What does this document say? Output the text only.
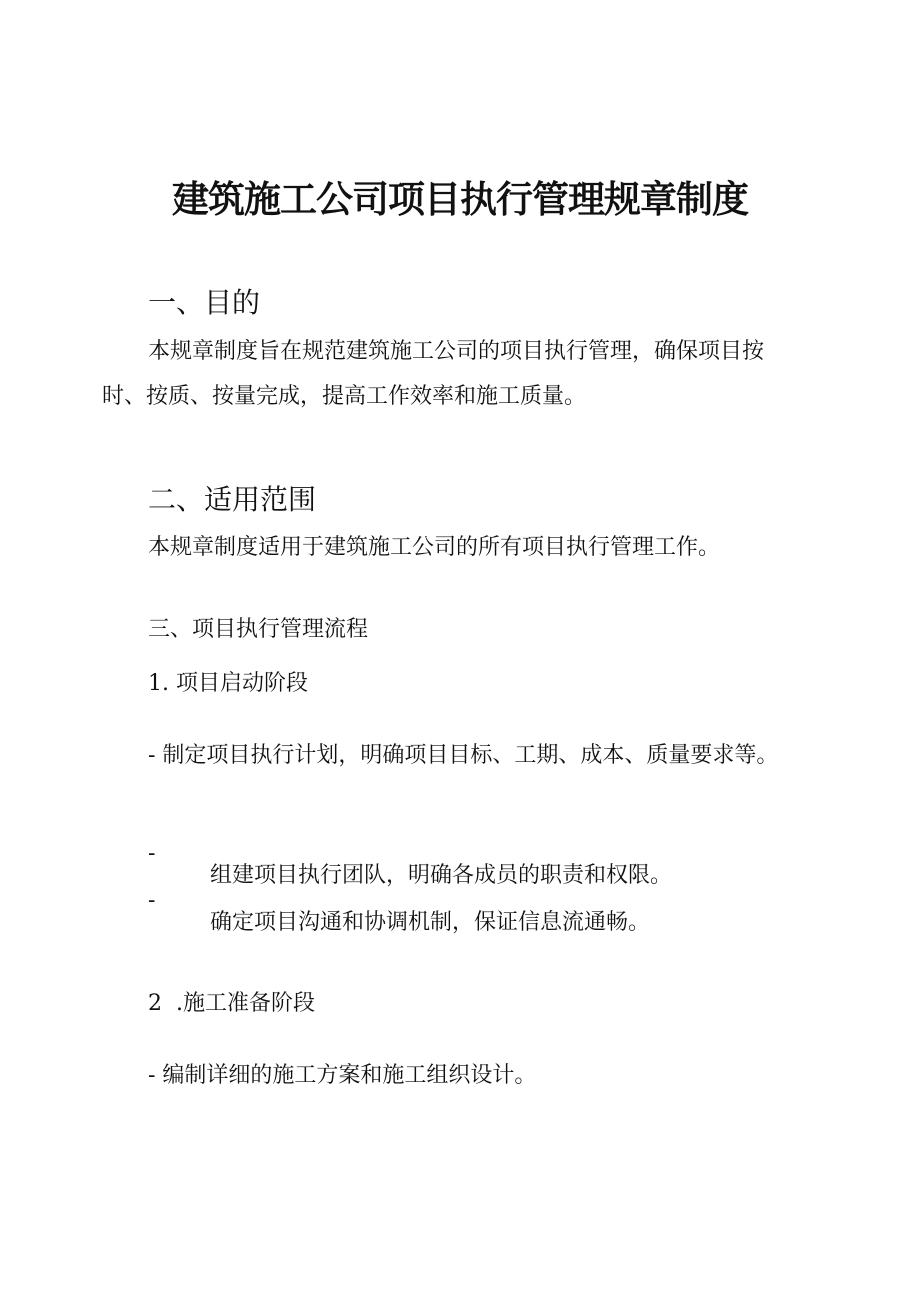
建筑施工公司项目执行管理规章制度
一、目的

本规章制度旨在规范建筑施工公司的项目执行管理，确保项目按时、按质、按量完成，提高工作效率和施工质量。

二、适用范围

本规章制度适用于建筑施工公司的所有项目执行管理工作。

三、项目执行管理流程

1. 项目启动阶段

- 制定项目执行计划，明确项目目标、工期、成本、质量要求等。

-

组建项目执行团队，明确各成员的职责和权限。

-

确定项目沟通和协调机制，保证信息流通畅。

2  .施工准备阶段

- 编制详细的施工方案和施工组织设计。
